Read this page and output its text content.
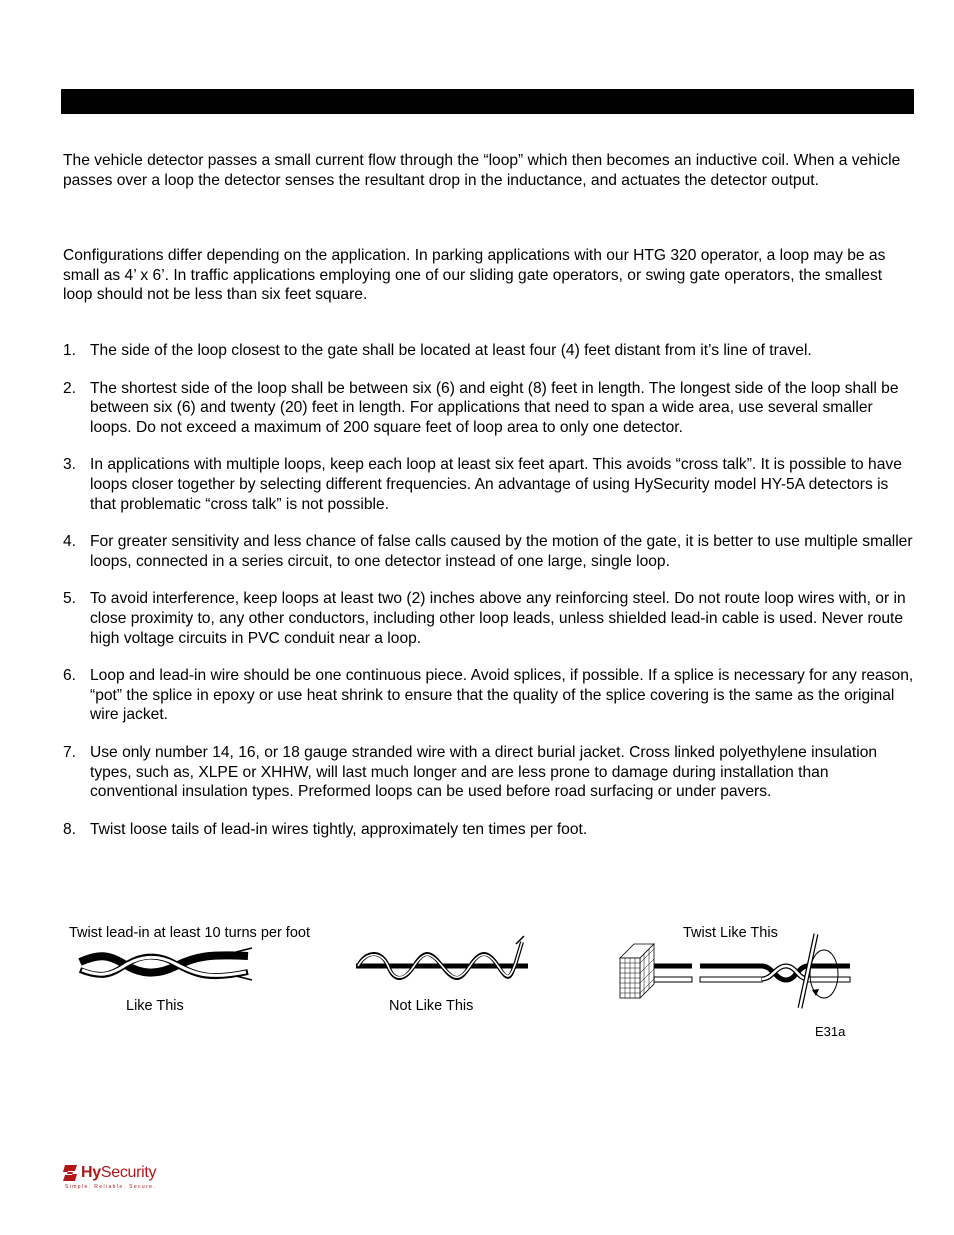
The vehicle detector passes a small current flow through the “loop” which then becomes an inductive coil. When a vehicle passes over a loop the detector senses the resultant drop in the inductance, and actuates the detector output.

Configurations differ depending on the application. In parking applications with our HTG 320 operator, a loop may be as small as 4’ x 6’. In traffic applications employing one of our sliding gate operators, or swing gate operators, the smallest loop should not be less than six feet square.

1. The side of the loop closest to the gate shall be located at least four (4) feet distant from it’s line of travel.
2. The shortest side of the loop shall be between six (6) and eight (8) feet in length. The longest side of the loop shall be between six (6) and twenty (20) feet in length. For applications that need to span a wide area, use several smaller loops. Do not exceed a maximum of 200 square feet of loop area to only one detector.
3. In applications with multiple loops, keep each loop at least six feet apart. This avoids “cross talk”. It is possible to have loops closer together by selecting different frequencies. An advantage of using HySecurity model HY-5A detectors is that problematic “cross talk” is not possible.
4. For greater sensitivity and less chance of false calls caused by the motion of the gate, it is better to use multiple smaller loops, connected in a series circuit, to one detector instead of one large, single loop.
5. To avoid interference, keep loops at least two (2) inches above any reinforcing steel. Do not route loop wires with, or in close proximity to, any other conductors, including other loop leads, unless shielded lead-in cable is used. Never route high voltage circuits in PVC conduit near a loop.
6. Loop and lead-in wire should be one continuous piece. Avoid splices, if possible. If a splice is necessary for any reason, “pot” the splice in epoxy or use heat shrink to ensure that the quality of the splice covering is the same as the original wire jacket.
7. Use only number 14, 16, or 18 gauge stranded wire with a direct burial jacket. Cross linked polyethylene insulation types, such as, XLPE or XHHW, will last much longer and are less prone to damage during installation than conventional insulation types. Preformed loops can be used before road surfacing or under pavers.
8. Twist loose tails of lead-in wires tightly, approximately ten times per foot.
Twist lead-in at least 10 turns per foot
Like This	Not Like This
Twist Like This
E31a
HySecurity
Simple. Reliable. Secure.
